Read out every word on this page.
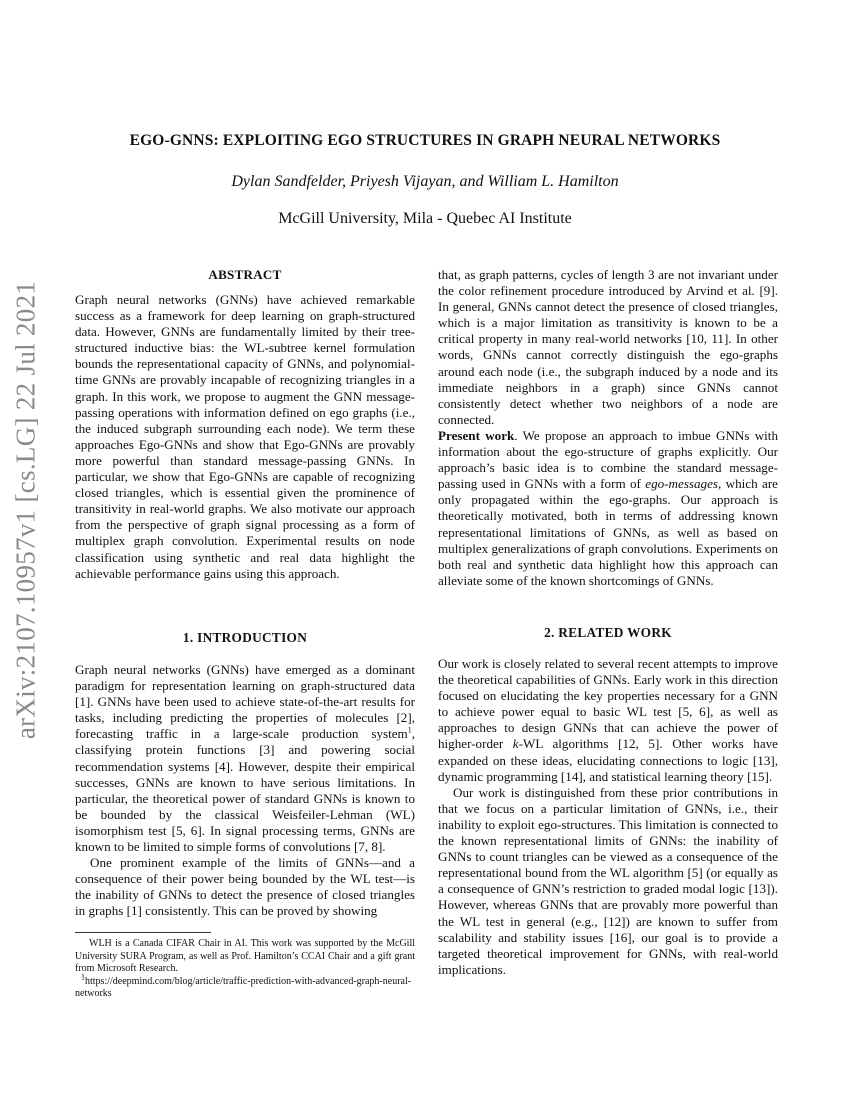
arXiv:2107.10957v1 [cs.LG] 22 Jul 2021
EGO-GNNS: EXPLOITING EGO STRUCTURES IN GRAPH NEURAL NETWORKS
Dylan Sandfelder, Priyesh Vijayan, and William L. Hamilton
McGill University, Mila - Quebec AI Institute
ABSTRACT

Graph neural networks (GNNs) have achieved remarkable success as a framework for deep learning on graph-structured data. However, GNNs are fundamentally limited by their tree-structured inductive bias: the WL-subtree kernel formulation bounds the representational capacity of GNNs, and polynomial-time GNNs are provably incapable of recognizing triangles in a graph. In this work, we propose to augment the GNN message-passing operations with information defined on ego graphs (i.e., the induced subgraph surrounding each node). We term these approaches Ego-GNNs and show that Ego-GNNs are provably more powerful than standard message-passing GNNs. In particular, we show that Ego-GNNs are capable of recognizing closed triangles, which is essential given the prominence of transitivity in real-world graphs. We also motivate our approach from the perspective of graph signal processing as a form of multiplex graph convolution. Experimental results on node classification using synthetic and real data highlight the achievable performance gains using this approach.

1. INTRODUCTION

Graph neural networks (GNNs) have emerged as a dominant paradigm for representation learning on graph-structured data [1]. GNNs have been used to achieve state-of-the-art results for tasks, including predicting the properties of molecules [2], forecasting traffic in a large-scale production system$^1$, classifying protein functions [3] and powering social recommendation systems [4]. However, despite their empirical successes, GNNs are known to have serious limitations. In particular, the theoretical power of standard GNNs is known to be bounded by the classical Weisfeiler-Lehman (WL) isomorphism test [5, 6]. In signal processing terms, GNNs are known to be limited to simple forms of convolutions [7, 8].

One prominent example of the limits of GNNs—and a consequence of their power being bounded by the WL test—is the inability of GNNs to detect the presence of closed triangles in graphs [1] consistently. This can be proved by showing

WLH is a Canada CIFAR Chair in AI. This work was supported by the McGill University SURA Program, as well as Prof. Hamilton’s CCAI Chair and a gift grant from Microsoft Research.

$^1$https://deepmind.com/blog/article/traffic-prediction-with-advanced-graph-neural-networks

that, as graph patterns, cycles of length 3 are not invariant under the color refinement procedure introduced by Arvind et al. [9]. In general, GNNs cannot detect the presence of closed triangles, which is a major limitation as transitivity is known to be a critical property in many real-world networks [10, 11]. In other words, GNNs cannot correctly distinguish the ego-graphs around each node (i.e., the subgraph induced by a node and its immediate neighbors in a graph) since GNNs cannot consistently detect whether two neighbors of a node are connected.

Present work. We propose an approach to imbue GNNs with information about the ego-structure of graphs explicitly. Our approach’s basic idea is to combine the standard message-passing used in GNNs with a form of ego-messages, which are only propagated within the ego-graphs. Our approach is theoretically motivated, both in terms of addressing known representational limitations of GNNs, as well as based on multiplex generalizations of graph convolutions. Experiments on both real and synthetic data highlight how this approach can alleviate some of the known shortcomings of GNNs.

2. RELATED WORK

Our work is closely related to several recent attempts to improve the theoretical capabilities of GNNs. Early work in this direction focused on elucidating the key properties necessary for a GNN to achieve power equal to basic WL test [5, 6], as well as approaches to design GNNs that can achieve the power of higher-order k-WL algorithms [12, 5]. Other works have expanded on these ideas, elucidating connections to logic [13], dynamic programming [14], and statistical learning theory [15].

Our work is distinguished from these prior contributions in that we focus on a particular limitation of GNNs, i.e., their inability to exploit ego-structures. This limitation is connected to the known representational limits of GNNs: the inability of GNNs to count triangles can be viewed as a consequence of the representational bound from the WL algorithm [5] (or equally as a consequence of GNN’s restriction to graded modal logic [13]). However, whereas GNNs that are provably more powerful than the WL test in general (e.g., [12]) are known to suffer from scalability and stability issues [16], our goal is to provide a targeted theoretical improvement for GNNs, with real-world implications.
